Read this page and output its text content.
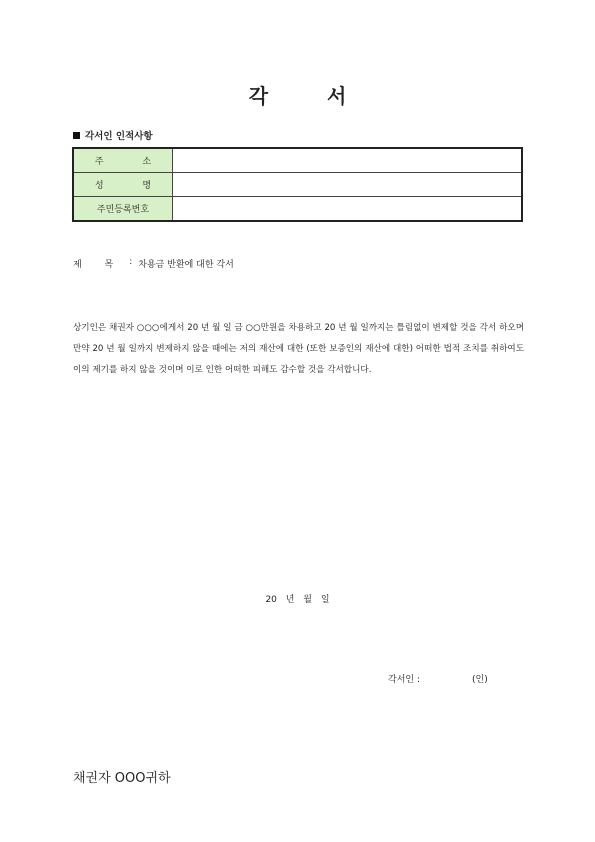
각 서
각서인 인적사항
주 소	
성 명	
주민등록번호	
제 목 : 차용금 반환에 대한 각서
상기인은 채권자 ○○○에게서 20 년 월 일 금 ○○만원을 차용하고 20 년 월 일까지는 틀림없이 변제할 것을 각서 하오며 만약 20 년 월 일까지 변제하지 않을 때에는 저의 재산에 대한 (또한 보증인의 재산에 대한) 어떠한 법적 조치를 취하여도 이의 제기를 하지 않을 것이며 이로 인한 어떠한 피해도 감수할 것을 각서합니다.
20 년 월 일
각서인 :	(인)
채권자 OOO귀하
